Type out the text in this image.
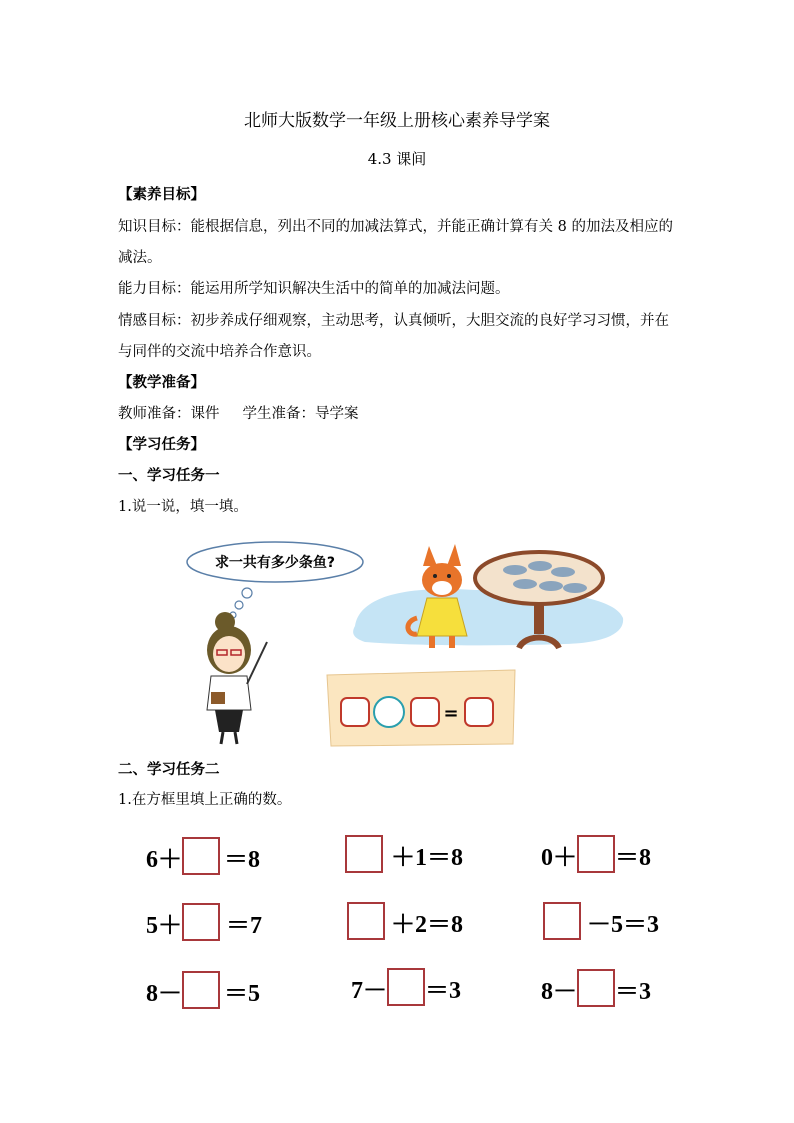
北师大版数学一年级上册核心素养导学案
4.3 课间
【素养目标】
知识目标：能根据信息，列出不同的加减法算式，并能正确计算有关 8 的加法及相应的
减法。
能力目标：能运用所学知识解决生活中的简单的加减法问题。
情感目标：初步养成仔细观察，主动思考，认真倾听，大胆交流的良好学习习惯，并在
与同伴的交流中培养合作意识。
【教学准备】
教师准备：课件     学生准备：导学案
【学习任务】
一、学习任务一
1.说一说，填一填。
求一共有多少条鱼?
=
二、学习任务二
1.在方框里填上正确的数。
6＋ ＝8	＋1＝8	0＋ ＝8
5＋ ＝7	＋2＝8	－5＝3
8－ ＝5	7－ ＝3	8－ ＝3
